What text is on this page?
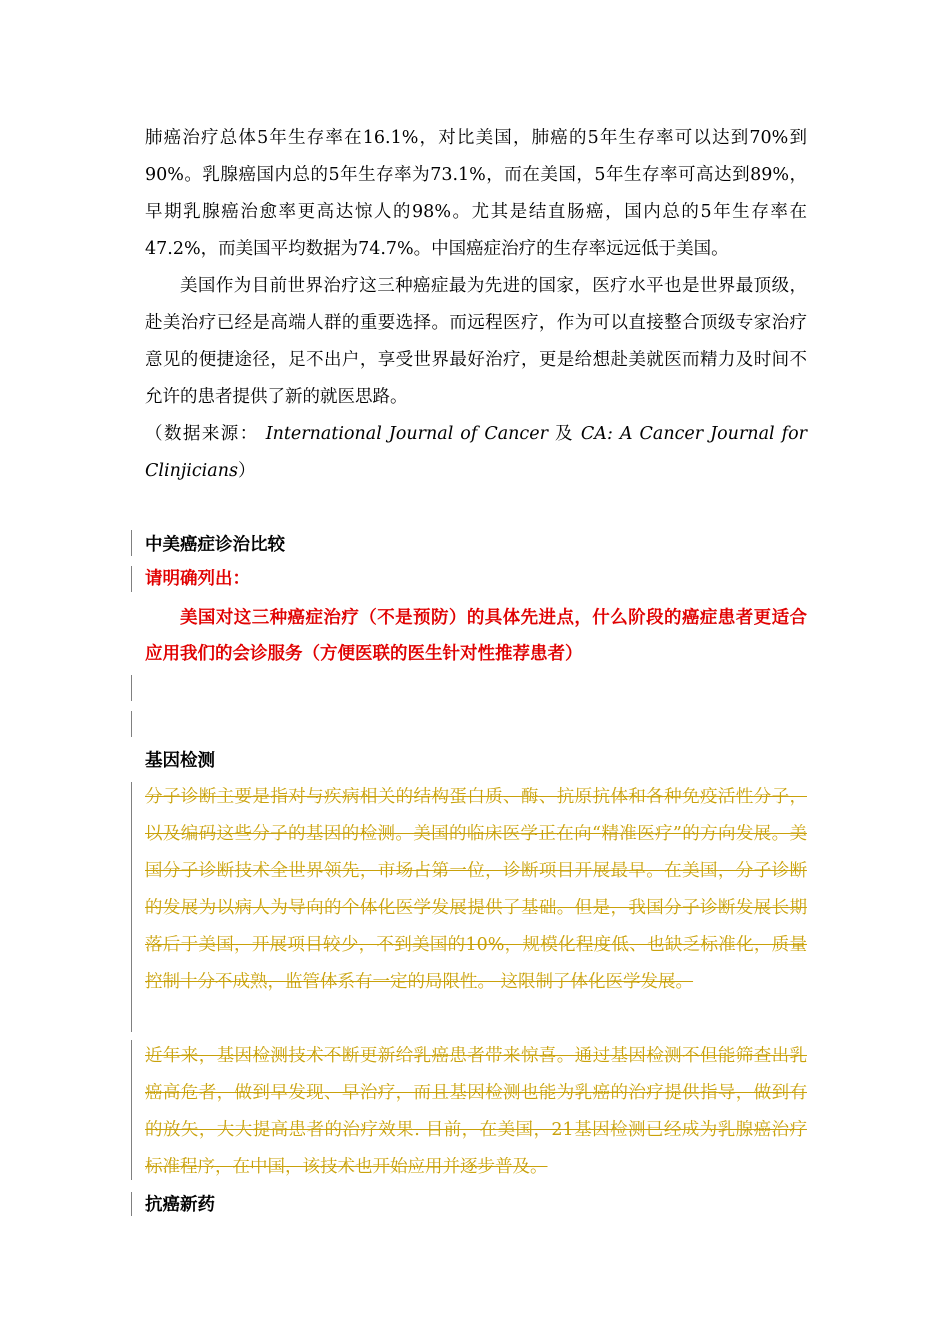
肺癌治疗总体5年生存率在16.1%，对比美国，肺癌的5年生存率可以达到70%到90%。乳腺癌国内总的5年生存率为73.1%，而在美国，5年生存率可高达到89%，早期乳腺癌治愈率更高达惊人的98%。尤其是结直肠癌，国内总的5年生存率在47.2%，而美国平均数据为74.7%。中国癌症治疗的生存率远远低于美国。
美国作为目前世界治疗这三种癌症最为先进的国家，医疗水平也是世界最顶级，赴美治疗已经是高端人群的重要选择。而远程医疗，作为可以直接整合顶级专家治疗意见的便捷途径，足不出户，享受世界最好治疗，更是给想赴美就医而精力及时间不允许的患者提供了新的就医思路。
（数据来源： International Journal of Cancer 及 CA: A Cancer Journal for
Clinjicians）
中美癌症诊治比较
请明确列出：
美国对这三种癌症治疗（不是预防）的具体先进点，什么阶段的癌症患者更适合应用我们的会诊服务（方便医联的医生针对性推荐患者）
基因检测
分子诊断主要是指对与疾病相关的结构蛋白质、酶、抗原抗体和各种免疫活性分子，以及编码这些分子的基因的检测。美国的临床医学正在向“精准医疗”的方向发展。美国分子诊断技术全世界领先，市场占第一位，诊断项目开展最早。在美国，分子诊断的发展为以病人为导向的个体化医学发展提供了基础。但是，我国分子诊断发展长期落后于美国，开展项目较少，不到美国的10%，规模化程度低、也缺乏标准化，质量控制十分不成熟，监管体系有一定的局限性。 这限制了体化医学发展。
近年来，基因检测技术不断更新给乳癌患者带来惊喜。通过基因检测不但能筛查出乳癌高危者，做到早发现、早治疗，而且基因检测也能为乳癌的治疗提供指导，做到有的放矢，大大提高患者的治疗效果. 目前，在美国，21基因检测已经成为乳腺癌治疗标准程序，在中国，该技术也开始应用并逐步普及。
抗癌新药
